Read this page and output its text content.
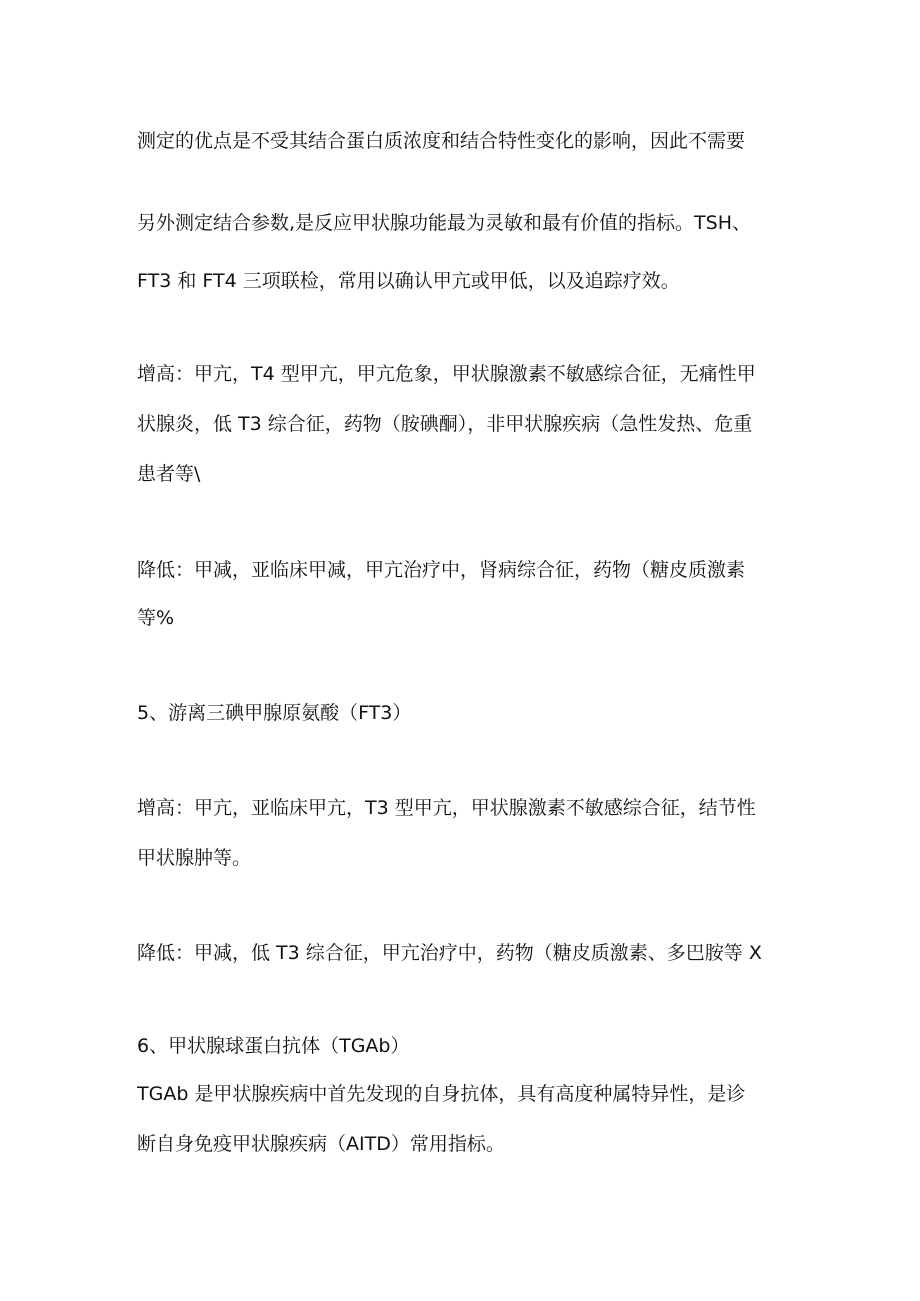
测定的优点是不受其结合蛋白质浓度和结合特性变化的影响，因此不需要
另外测定结合参数,是反应甲状腺功能最为灵敏和最有价值的指标。TSH、
FT3 和 FT4 三项联检，常用以确认甲亢或甲低，以及追踪疗效。
增高：甲亢，T4 型甲亢，甲亢危象，甲状腺激素不敏感综合征，无痛性甲
状腺炎，低 T3 综合征，药物（胺碘酮），非甲状腺疾病（急性发热、危重
患者等\
降低：甲减，亚临床甲减，甲亢治疗中，肾病综合征，药物（糖皮质激素
等%
5、游离三碘甲腺原氨酸（FT3）
增高：甲亢，亚临床甲亢，T3 型甲亢，甲状腺激素不敏感综合征，结节性
甲状腺肿等。
降低：甲减，低 T3 综合征，甲亢治疗中，药物（糖皮质激素、多巴胺等 X
6、甲状腺球蛋白抗体（TGAb）
TGAb 是甲状腺疾病中首先发现的自身抗体，具有高度种属特异性，是诊
断自身免疫甲状腺疾病（AITD）常用指标。
